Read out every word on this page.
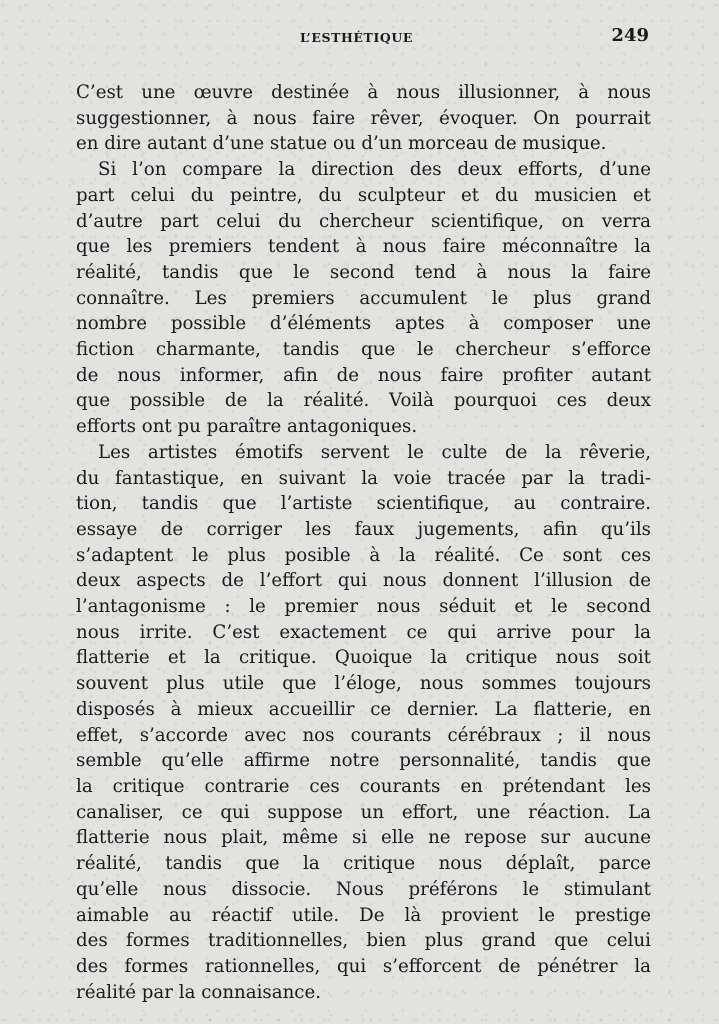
L’ESTHÉTIQUE	249
C’est une œuvre destinée à nous illusionner, à nous
suggestionner, à nous faire rêver, évoquer. On pourrait
en dire autant d’une statue ou d’un morceau de musique.
Si l’on compare la direction des deux efforts, d’une
part celui du peintre, du sculpteur et du musicien et
d’autre part celui du chercheur scientifique, on verra
que les premiers tendent à nous faire méconnaître la
réalité, tandis que le second tend à nous la faire
connaître. Les premiers accumulent le plus grand
nombre possible d’éléments aptes à composer une
fiction charmante, tandis que le chercheur s’efforce
de nous informer, afin de nous faire profiter autant
que possible de la réalité. Voilà pourquoi ces deux
efforts ont pu paraître antagoniques.
Les artistes émotifs servent le culte de la rêverie,
du fantastique, en suivant la voie tracée par la tradi-
tion, tandis que l’artiste scientifique, au contraire.
essaye de corriger les faux jugements, afin qu’ils
s’adaptent le plus posible à la réalité. Ce sont ces
deux aspects de l’effort qui nous donnent l’illusion de
l’antagonisme : le premier nous séduit et le second
nous irrite. C’est exactement ce qui arrive pour la
flatterie et la critique. Quoique la critique nous soit
souvent plus utile que l’éloge, nous sommes toujours
disposés à mieux accueillir ce dernier. La flatterie, en
effet, s’accorde avec nos courants cérébraux ; il nous
semble qu’elle affirme notre personnalité, tandis que
la critique contrarie ces courants en prétendant les
canaliser, ce qui suppose un effort, une réaction. La
flatterie nous plait, même si elle ne repose sur aucune
réalité, tandis que la critique nous déplaît, parce
qu’elle nous dissocie. Nous préférons le stimulant
aimable au réactif utile. De là provient le prestige
des formes traditionnelles, bien plus grand que celui
des formes rationnelles, qui s’efforcent de pénétrer la
réalité par la connaisance.
